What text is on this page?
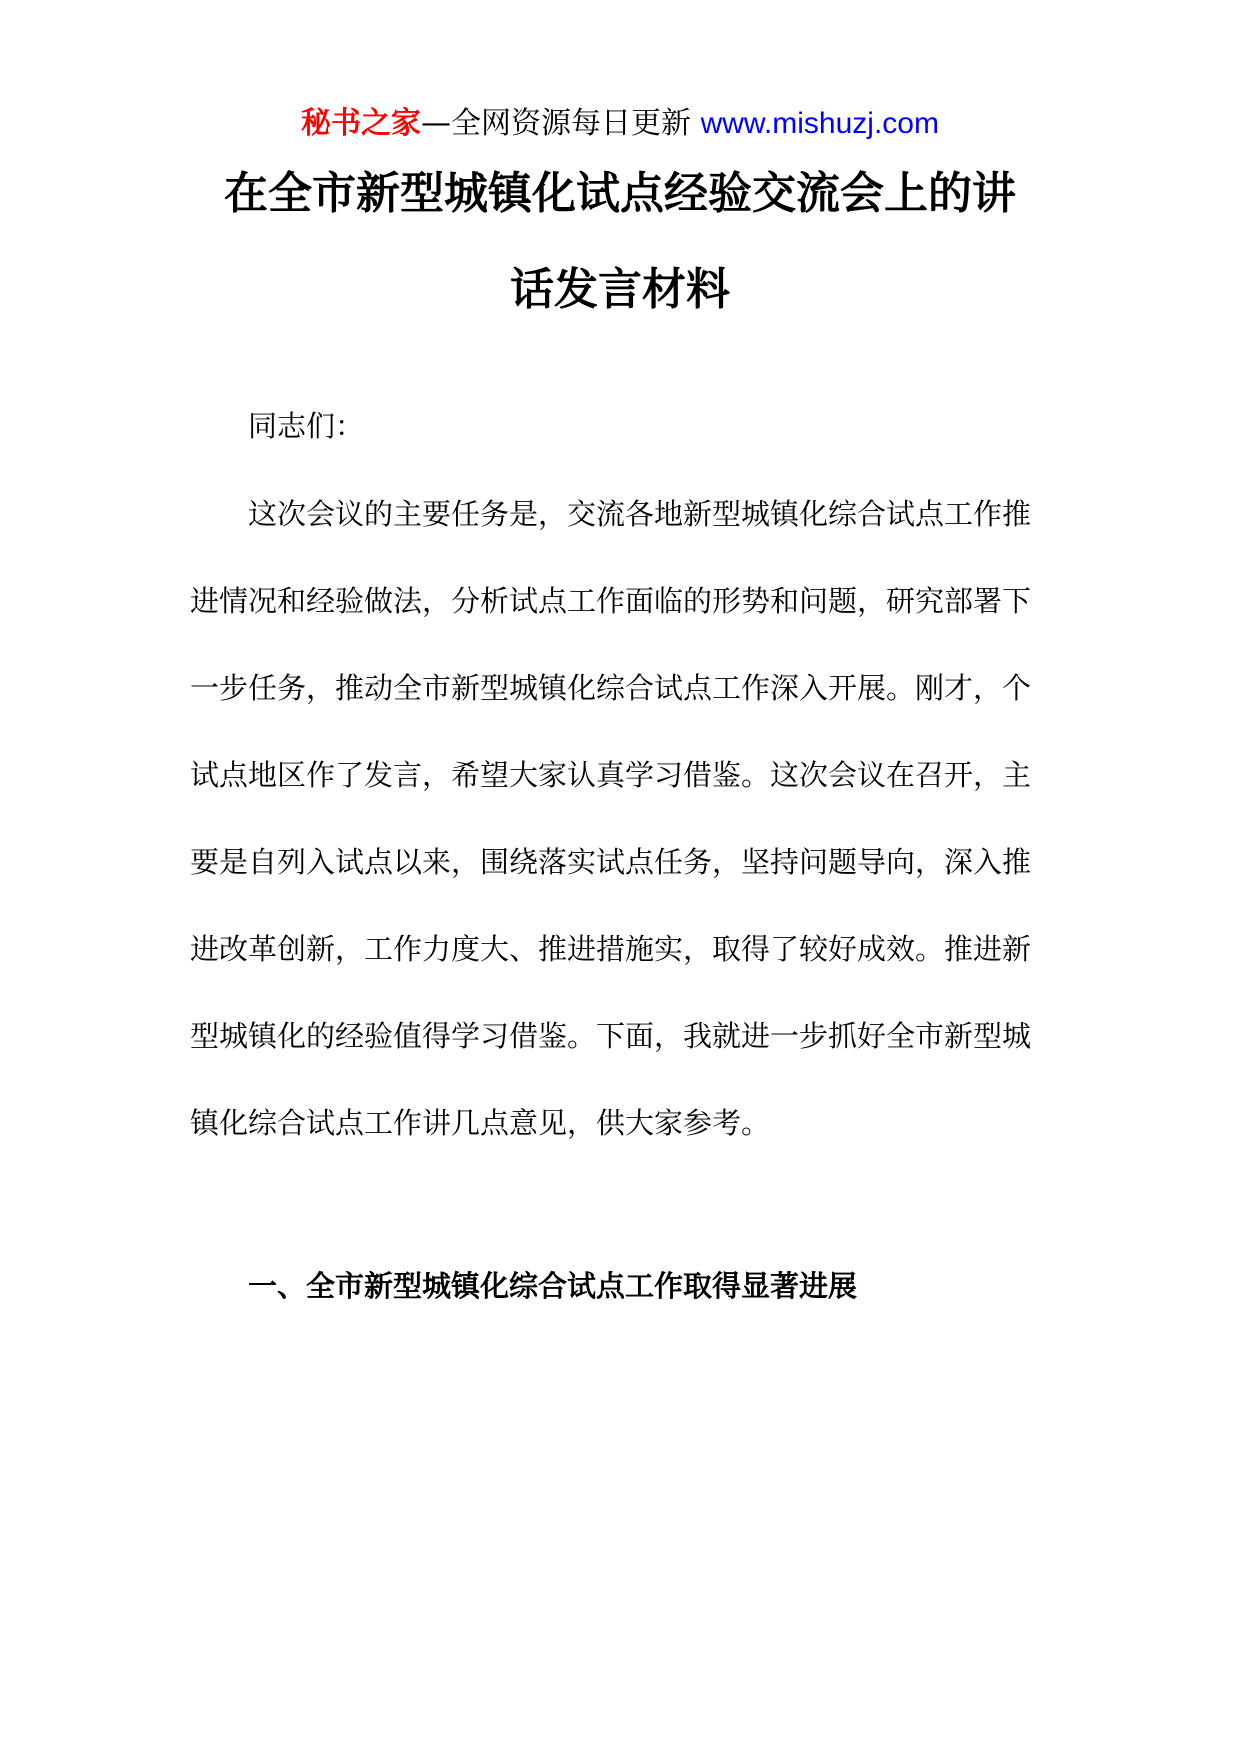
秘书之家—全网资源每日更新 www.mishuzj.com
在全市新型城镇化试点经验交流会上的讲
话发言材料

同志们：

这次会议的主要任务是，交流各地新型城镇化综合试点工作推

进情况和经验做法，分析试点工作面临的形势和问题，研究部署下

一步任务，推动全市新型城镇化综合试点工作深入开展。刚才，个

试点地区作了发言，希望大家认真学习借鉴。这次会议在召开，主

要是自列入试点以来，围绕落实试点任务，坚持问题导向，深入推

进改革创新，工作力度大、推进措施实，取得了较好成效。推进新

型城镇化的经验值得学习借鉴。下面，我就进一步抓好全市新型城

镇化综合试点工作讲几点意见，供大家参考。

一、全市新型城镇化综合试点工作取得显著进展
